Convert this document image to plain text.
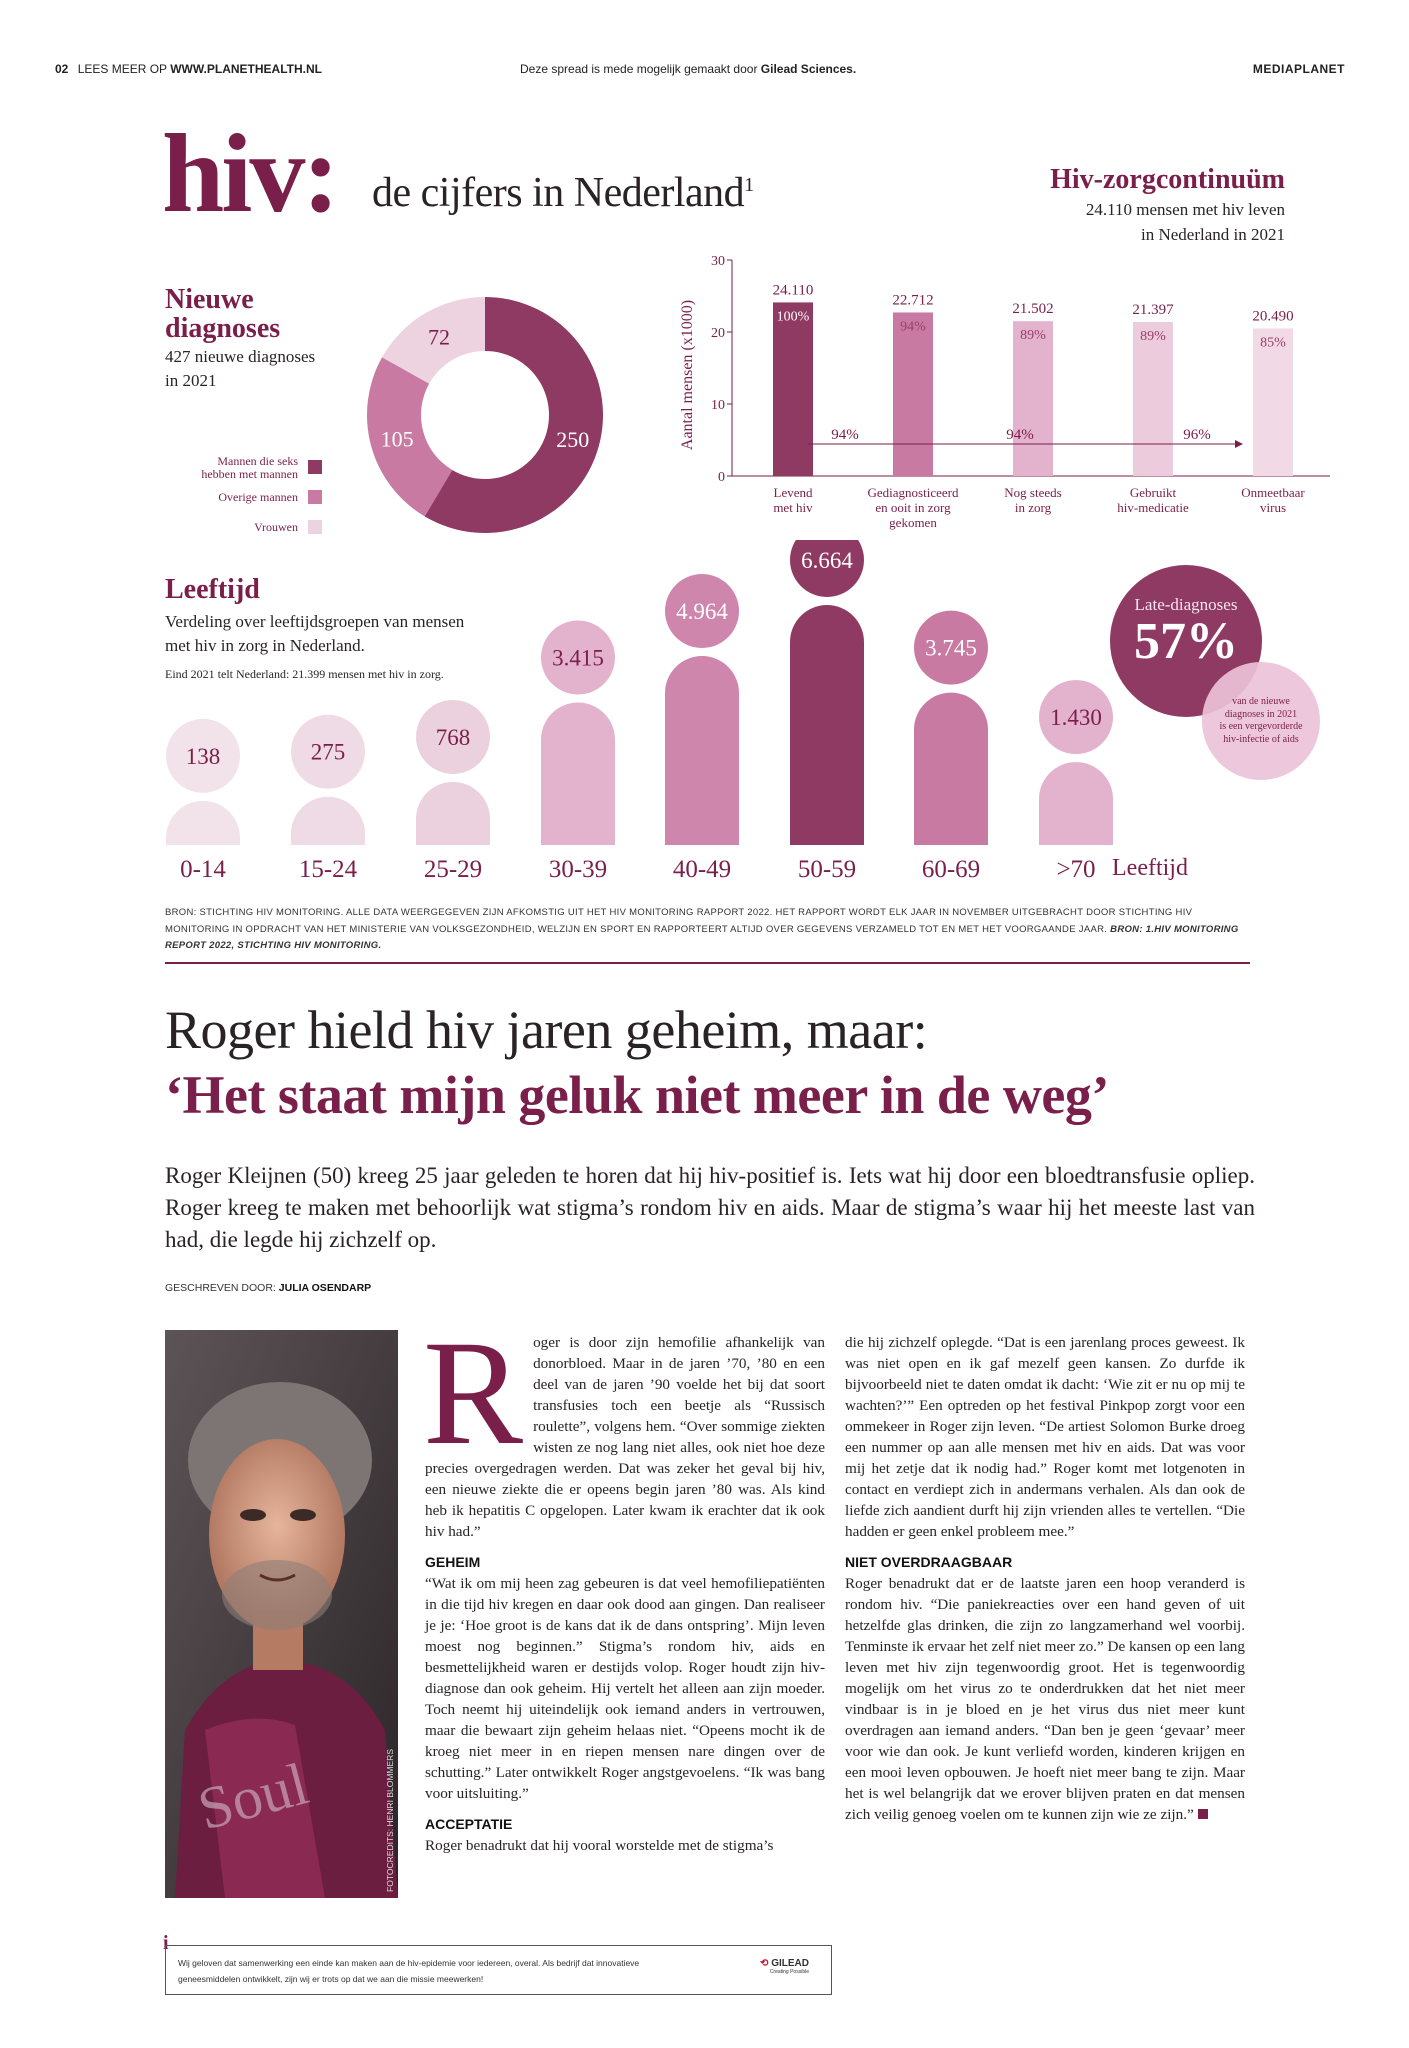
02 LEES MEER OP WWW.PLANETHEALTH.NL	Deze spread is mede mogelijk gemaakt door Gilead Sciences.	MEDIAPLANET
hiv: de cijfers in Nederland$^1$
Nieuwe
diagnoses
427 nieuwe diagnoses
in 2021
Mannen die seks
hebben met mannen
Overige mannen
Vrouwen
250
105
72
Hiv-zorgcontinuüm
24.110 mensen met hiv leven
in Nederland in 2021
Aantal mensen (x1000)
0
10
20
30
24.110
22.712
21.502	21.397	20.490
100%
94%
89%	89%	85%
94%	94%	96%
Levend
met hiv
Gediagnosticeerd
en ooit in zorg
gekomen
Nog steeds
in zorg
Gebruikt
hiv-medicatie
Onmeetbaar
virus
Leeftijd
Verdeling over leeftijdsgroepen van mensen
met hiv in zorg in Nederland.
Eind 2021 telt Nederland: 21.399 mensen met hiv in zorg.
138	275
768
3.415
4.964
6.664
3.745
1.430
0-14	15-24	25-29	30-39	40-49	50-59	60-69	>70 Leeftijd
Late-diagnoses
57%
van de nieuwe
diagnoses in 2021
is een vergevorderde
hiv-infectie of aids
BRON: STICHTING HIV MONITORING. ALLE DATA WEERGEGEVEN ZIJN AFKOMSTIG UIT HET HIV MONITORING RAPPORT 2022. HET RAPPORT WORDT ELK JAAR IN NOVEMBER UITGEBRACHT DOOR STICHTING HIV MONITORING IN OPDRACHT VAN HET MINISTERIE VAN VOLKSGEZONDHEID, WELZIJN EN SPORT EN RAPPORTEERT ALTIJD OVER GEGEVENS VERZAMELD TOT EN MET HET VOORGAANDE JAAR. BRON: 1.HIV MONITORING REPORT 2022, STICHTING HIV MONITORING.
Roger hield hiv jaren geheim, maar:
‘Het staat mijn geluk niet meer in de weg’
Roger Kleijnen (50) kreeg 25 jaar geleden te horen dat hij hiv-positief is. Iets wat hij door een bloedtransfusie opliep. Roger kreeg te maken met behoorlijk wat stigma’s rondom hiv en aids. Maar de stigma’s waar hij het meeste last van had, die legde hij zichzelf op.
GESCHREVEN DOOR: JULIA OSENDARP
Soul	FOTOCREDITS: HENRI BLOMMERS

Roger is door zijn hemofilie afhankelijk van donorbloed. Maar in de jaren ’70, ’80 en een deel van de jaren ’90 voelde het bij dat soort transfusies toch een beetje als “Russisch roulette”, volgens hem. “Over sommige ziekten wisten ze nog lang niet alles, ook niet hoe deze precies overgedragen werden. Dat was zeker het geval bij hiv, een nieuwe ziekte die er opeens begin jaren ’80 was. Als kind heb ik hepatitis C opgelopen. Later kwam ik erachter dat ik ook hiv had.”

GEHEIM

“Wat ik om mij heen zag gebeuren is dat veel hemofiliepatiënten in die tijd hiv kregen en daar ook dood aan gingen. Dan realiseer je je: ‘Hoe groot is de kans dat ik de dans ontspring’. Mijn leven moest nog beginnen.” Stigma’s rondom hiv, aids en besmettelijkheid waren er destijds volop. Roger houdt zijn hiv-diagnose dan ook geheim. Hij vertelt het alleen aan zijn moeder. Toch neemt hij uiteindelijk ook iemand anders in vertrouwen, maar die bewaart zijn geheim helaas niet. “Opeens mocht ik de kroeg niet meer in en riepen mensen nare dingen over de schutting.” Later ontwikkelt Roger angstgevoelens. “Ik was bang voor uitsluiting.”

ACCEPTATIE

Roger benadrukt dat hij vooral worstelde met de stigma’s

die hij zichzelf oplegde. “Dat is een jarenlang proces geweest. Ik was niet open en ik gaf mezelf geen kansen. Zo durfde ik bijvoorbeeld niet te daten omdat ik dacht: ‘Wie zit er nu op mij te wachten?’” Een optreden op het festival Pinkpop zorgt voor een ommekeer in Roger zijn leven. “De artiest Solomon Burke droeg een nummer op aan alle mensen met hiv en aids. Dat was voor mij het zetje dat ik nodig had.” Roger komt met lotgenoten in contact en verdiept zich in andermans verhalen. Als dan ook de liefde zich aandient durft hij zijn vrienden alles te vertellen. “Die hadden er geen enkel probleem mee.”

NIET OVERDRAAGBAAR

Roger benadrukt dat er de laatste jaren een hoop veranderd is rondom hiv. “Die paniekreacties over een hand geven of uit hetzelfde glas drinken, die zijn zo langzamerhand wel voorbij. Tenminste ik ervaar het zelf niet meer zo.” De kansen op een lang leven met hiv zijn tegenwoordig groot. Het is tegenwoordig mogelijk om het virus zo te onderdrukken dat het niet meer vindbaar is in je bloed en je het virus dus niet meer kunt overdragen aan iemand anders. “Dan ben je geen ‘gevaar’ meer voor wie dan ook. Je kunt verliefd worden, kinderen krijgen en een mooi leven opbouwen. Je hoeft niet meer bang te zijn. Maar het is wel belangrijk dat we erover blijven praten en dat mensen zich veilig genoeg voelen om te kunnen zijn wie ze zijn.”

i
Wij geloven dat samenwerking een einde kan maken aan de hiv-epidemie voor iedereen, overal. Als bedrijf dat innovatieve
geneesmiddelen ontwikkelt, zijn wij er trots op dat we aan die missie meewerken!
⟲ GILEAD
Creating Possible
